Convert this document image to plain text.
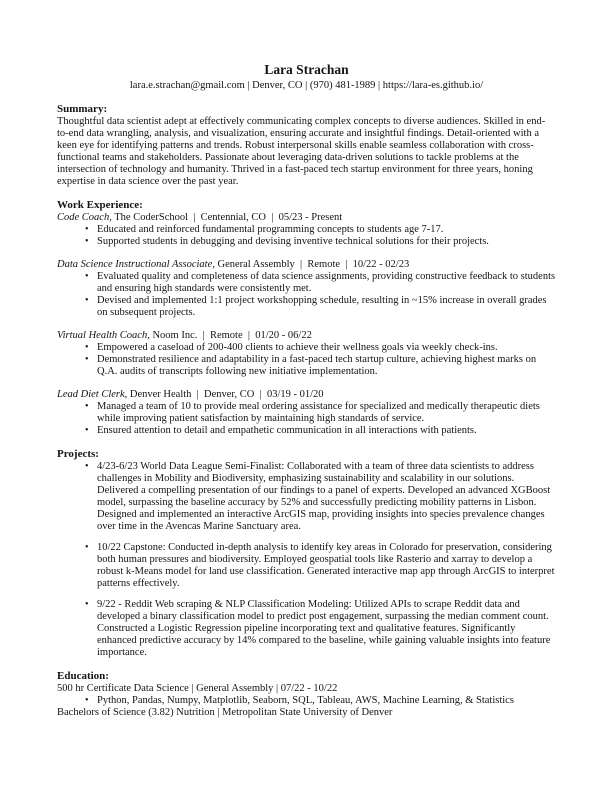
Lara Strachan
lara.e.strachan@gmail.com | Denver, CO | (970) 481-1989 | https://lara-es.github.io/
Summary:

Thoughtful data scientist adept at effectively communicating complex concepts to diverse audiences. Skilled in end-to-end data wrangling, analysis, and visualization, ensuring accurate and insightful findings. Detail-oriented with a keen eye for identifying patterns and trends. Robust interpersonal skills enable seamless collaboration with cross-functional teams and stakeholders. Passionate about leveraging data-driven solutions to tackle problems at the intersection of technology and humanity. Thrived in a fast-paced tech startup environment for three years, honing expertise in data science over the past year.

Work Experience:
Code Coach, The CoderSchool  |  Centennial, CO  |  05/23 - Present
• Educated and reinforced fundamental programming concepts to students age 7-17.
• Supported students in debugging and devising inventive technical solutions for their projects.
Data Science Instructional Associate, General Assembly  |  Remote  |  10/22 - 02/23
• Evaluated quality and completeness of data science assignments, providing constructive feedback to students and ensuring high standards were consistently met.
• Devised and implemented 1:1 project workshopping schedule, resulting in ~15% increase in overall grades on subsequent projects.
Virtual Health Coach, Noom Inc.  |  Remote  |  01/20 - 06/22
• Empowered a caseload of 200-400 clients to achieve their wellness goals via weekly check-ins.
• Demonstrated resilience and adaptability in a fast-paced tech startup culture, achieving highest marks on Q.A. audits of transcripts following new initiative implementation.
Lead Diet Clerk, Denver Health  |  Denver, CO  |  03/19 - 01/20
• Managed a team of 10 to provide meal ordering assistance for specialized and medically therapeutic diets while improving patient satisfaction by maintaining high standards of service.
• Ensured attention to detail and empathetic communication in all interactions with patients.
Projects:
• 4/23-6/23 World Data League Semi-Finalist: Collaborated with a team of three data scientists to address challenges in Mobility and Biodiversity, emphasizing sustainability and scalability in our solutions. Delivered a compelling presentation of our findings to a panel of experts. Developed an advanced XGBoost model, surpassing the baseline accuracy by 52% and successfully predicting mobility patterns in Lisbon. Designed and implemented an interactive ArcGIS map, providing insights into species prevalence changes over time in the Avencas Marine Sanctuary area.
• 10/22 Capstone: Conducted in-depth analysis to identify key areas in Colorado for preservation, considering both human pressures and biodiversity. Employed geospatial tools like Rasterio and xarray to develop a robust k-Means model for land use classification. Generated interactive map app through ArcGIS to interpret patterns effectively.
• 9/22 - Reddit Web scraping & NLP Classification Modeling: Utilized APIs to scrape Reddit data and developed a binary classification model to predict post engagement, surpassing the median comment count. Constructed a Logistic Regression pipeline incorporating text and qualitative features. Significantly enhanced predictive accuracy by 14% compared to the baseline, while gaining valuable insights into feature importance.
Education:
500 hr Certificate Data Science | General Assembly | 07/22 - 10/22
• Python, Pandas, Numpy, Matplotlib, Seaborn, SQL, Tableau, AWS, Machine Learning, & Statistics
Bachelors of Science (3.82) Nutrition | Metropolitan State University of Denver
